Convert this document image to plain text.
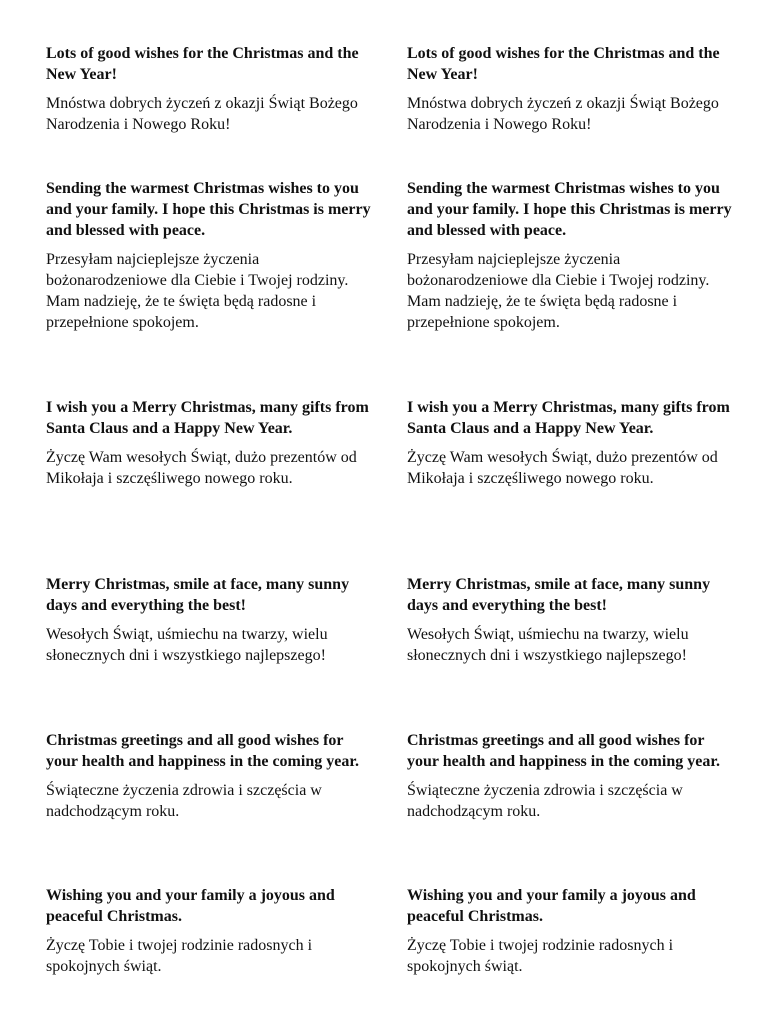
Lots of good wishes for the Christmas and the New Year!

Mnóstwa dobrych życzeń z okazji Świąt Bożego Narodzenia i Nowego Roku!

Sending the warmest Christmas wishes to you and your family. I hope this Christmas is merry and blessed with peace.

Przesyłam najcieplejsze życzenia bożonarodzeniowe dla Ciebie i Twojej rodziny. Mam nadzieję, że te święta będą radosne i przepełnione spokojem.

I wish you a Merry Christmas, many gifts from Santa Claus and a Happy New Year.

Życzę Wam wesołych Świąt, dużo prezentów od Mikołaja i szczęśliwego nowego roku.

Merry Christmas, smile at face, many sunny days and everything the best!

Wesołych Świąt, uśmiechu na twarzy, wielu słonecznych dni i wszystkiego najlepszego!

Christmas greetings and all good wishes for your health and happiness in the coming year.

Świąteczne życzenia zdrowia i szczęścia w nadchodzącym roku.

Wishing you and your family a joyous and peaceful Christmas.

Życzę Tobie i twojej rodzinie radosnych i spokojnych świąt.

Lots of good wishes for the Christmas and the New Year!

Mnóstwa dobrych życzeń z okazji Świąt Bożego Narodzenia i Nowego Roku!

Sending the warmest Christmas wishes to you and your family. I hope this Christmas is merry and blessed with peace.

Przesyłam najcieplejsze życzenia bożonarodzeniowe dla Ciebie i Twojej rodziny. Mam nadzieję, że te święta będą radosne i przepełnione spokojem.

I wish you a Merry Christmas, many gifts from Santa Claus and a Happy New Year.

Życzę Wam wesołych Świąt, dużo prezentów od Mikołaja i szczęśliwego nowego roku.

Merry Christmas, smile at face, many sunny days and everything the best!

Wesołych Świąt, uśmiechu na twarzy, wielu słonecznych dni i wszystkiego najlepszego!

Christmas greetings and all good wishes for your health and happiness in the coming year.

Świąteczne życzenia zdrowia i szczęścia w nadchodzącym roku.

Wishing you and your family a joyous and peaceful Christmas.

Życzę Tobie i twojej rodzinie radosnych i spokojnych świąt.
